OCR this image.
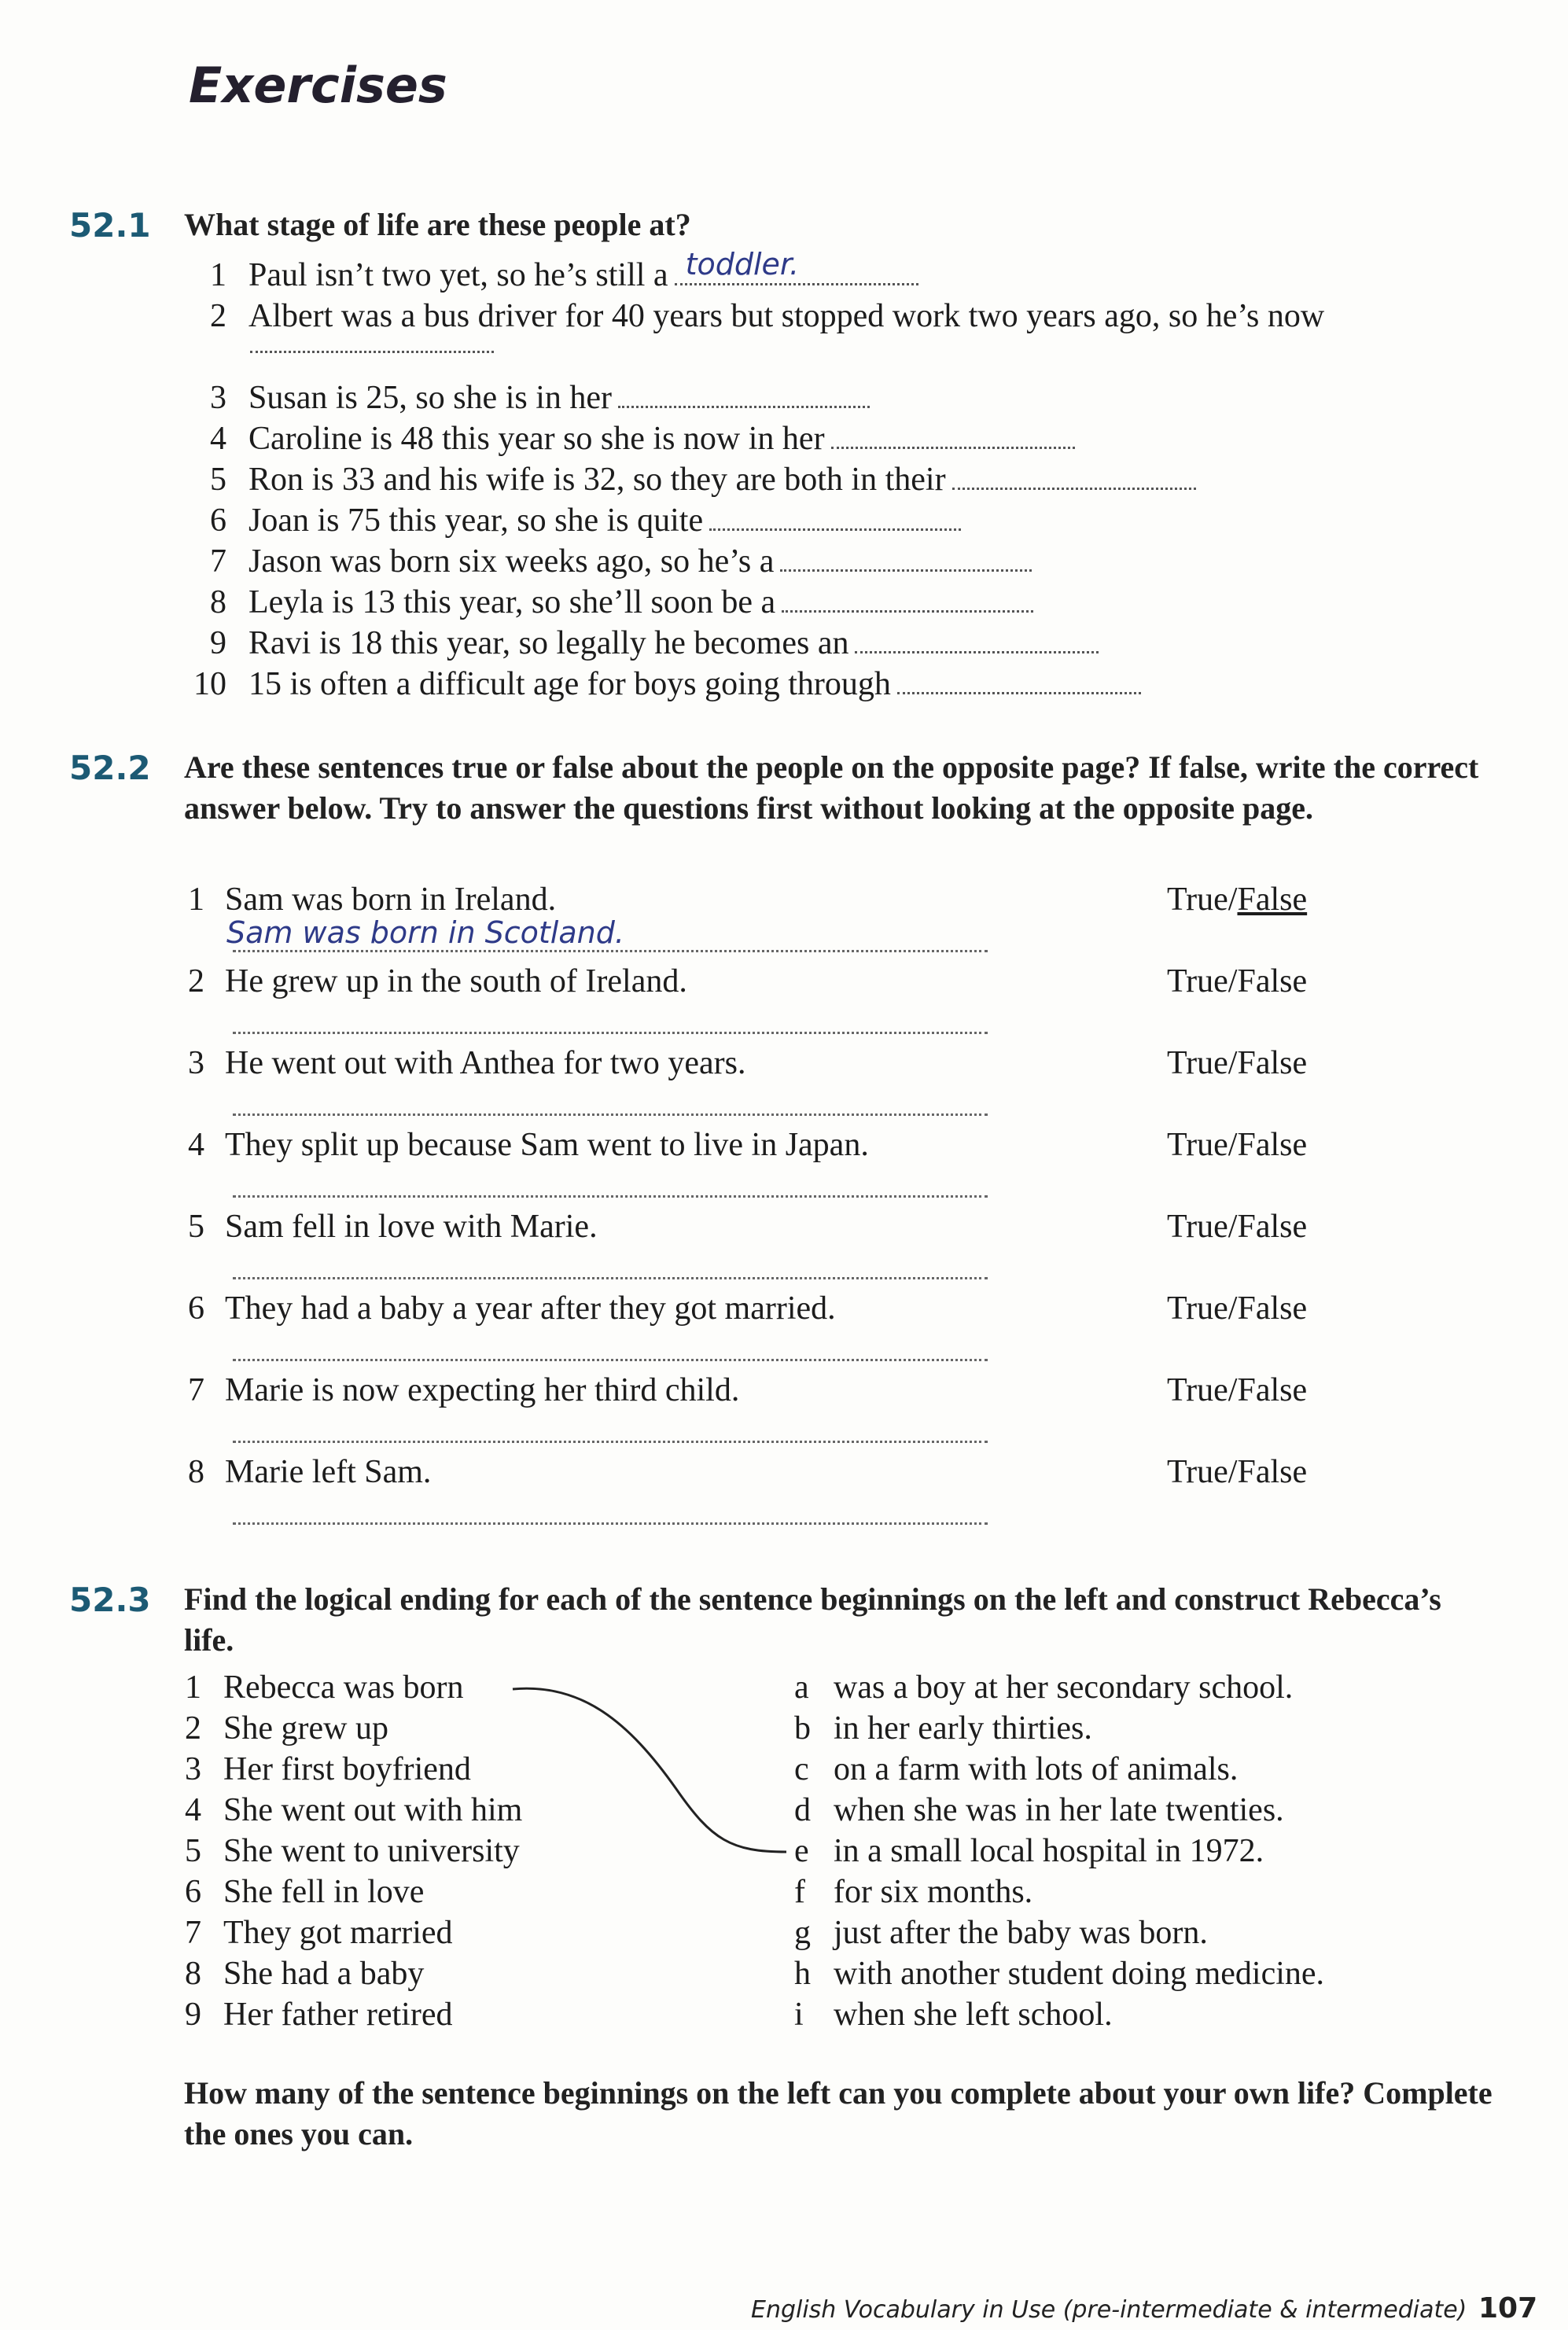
Exercises
52.1 What stage of life are these people at?
1 Paul isn’t two yet, so he’s still a toddler.
2 Albert was a bus driver for 40 years but stopped work two years ago, so he’s now
3 Susan is 25, so she is in her
4 Caroline is 48 this year so she is now in her
5 Ron is 33 and his wife is 32, so they are both in their
6 Joan is 75 this year, so she is quite
7 Jason was born six weeks ago, so he’s a
8 Leyla is 13 this year, so she’ll soon be a
9 Ravi is 18 this year, so legally he becomes an
10 15 is often a difficult age for boys going through
52.2 Are these sentences true or false about the people on the opposite page? If false, write the correct answer below. Try to answer the questions first without looking at the opposite page.
1 Sam was born in Ireland.	True/False
Sam was born in Scotland.
2 He grew up in the south of Ireland.	True/False
3 He went out with Anthea for two years.	True/False
4 They split up because Sam went to live in Japan.	True/False
5 Sam fell in love with Marie.	True/False
6 They had a baby a year after they got married.	True/False
7 Marie is now expecting her third child.	True/False
8 Marie left Sam.	True/False
52.3 Find the logical ending for each of the sentence beginnings on the left and construct Rebecca’s life.
1 Rebecca was born
2 She grew up
3 Her first boyfriend
4 She went out with him
5 She went to university
6 She fell in love
7 They got married
8 She had a baby
9 Her father retired
a was a boy at her secondary school.
b in her early thirties.
c on a farm with lots of animals.
d when she was in her late twenties.
e in a small local hospital in 1972.
f for six months.
g just after the baby was born.
h with another student doing medicine.
i when she left school.
How many of the sentence beginnings on the left can you complete about your own life? Complete the ones you can.
English Vocabulary in Use (pre-intermediate & intermediate) 107
